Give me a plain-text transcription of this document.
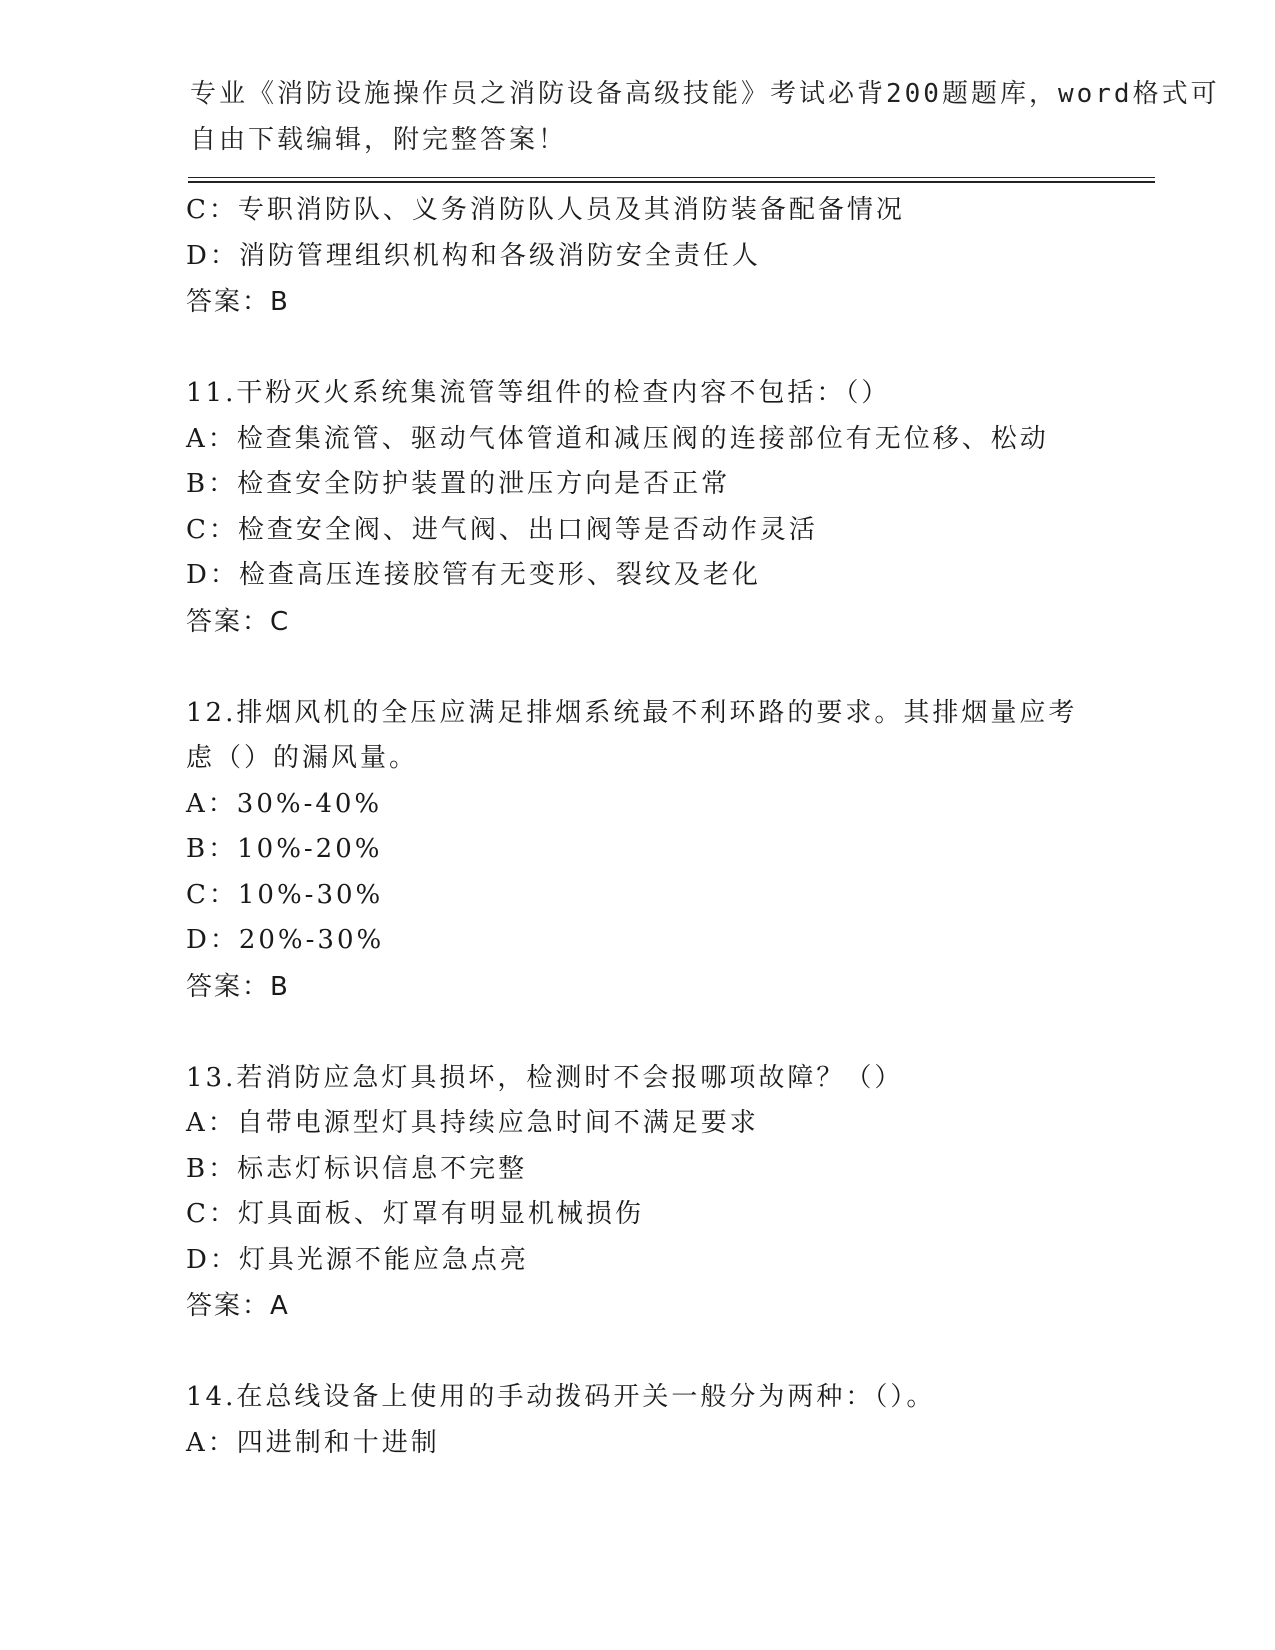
专业《消防设施操作员之消防设备高级技能》考试必背200题题库，word格式可
自由下载编辑，附完整答案！
C：专职消防队、义务消防队人员及其消防装备配备情况
D：消防管理组织机构和各级消防安全责任人
答案：B
11.干粉灭火系统集流管等组件的检查内容不包括：（）
A：检查集流管、驱动气体管道和减压阀的连接部位有无位移、松动
B：检查安全防护装置的泄压方向是否正常
C：检查安全阀、进气阀、出口阀等是否动作灵活
D：检查高压连接胶管有无变形、裂纹及老化
答案：C
12.排烟风机的全压应满足排烟系统最不利环路的要求。其排烟量应考
虑（）的漏风量。
A：30%-40%
B：10%-20%
C：10%-30%
D：20%-30%
答案：B
13.若消防应急灯具损坏，检测时不会报哪项故障？（）
A：自带电源型灯具持续应急时间不满足要求
B：标志灯标识信息不完整
C：灯具面板、灯罩有明显机械损伤
D：灯具光源不能应急点亮
答案：A
14.在总线设备上使用的手动拨码开关一般分为两种：（）。
A：四进制和十进制
